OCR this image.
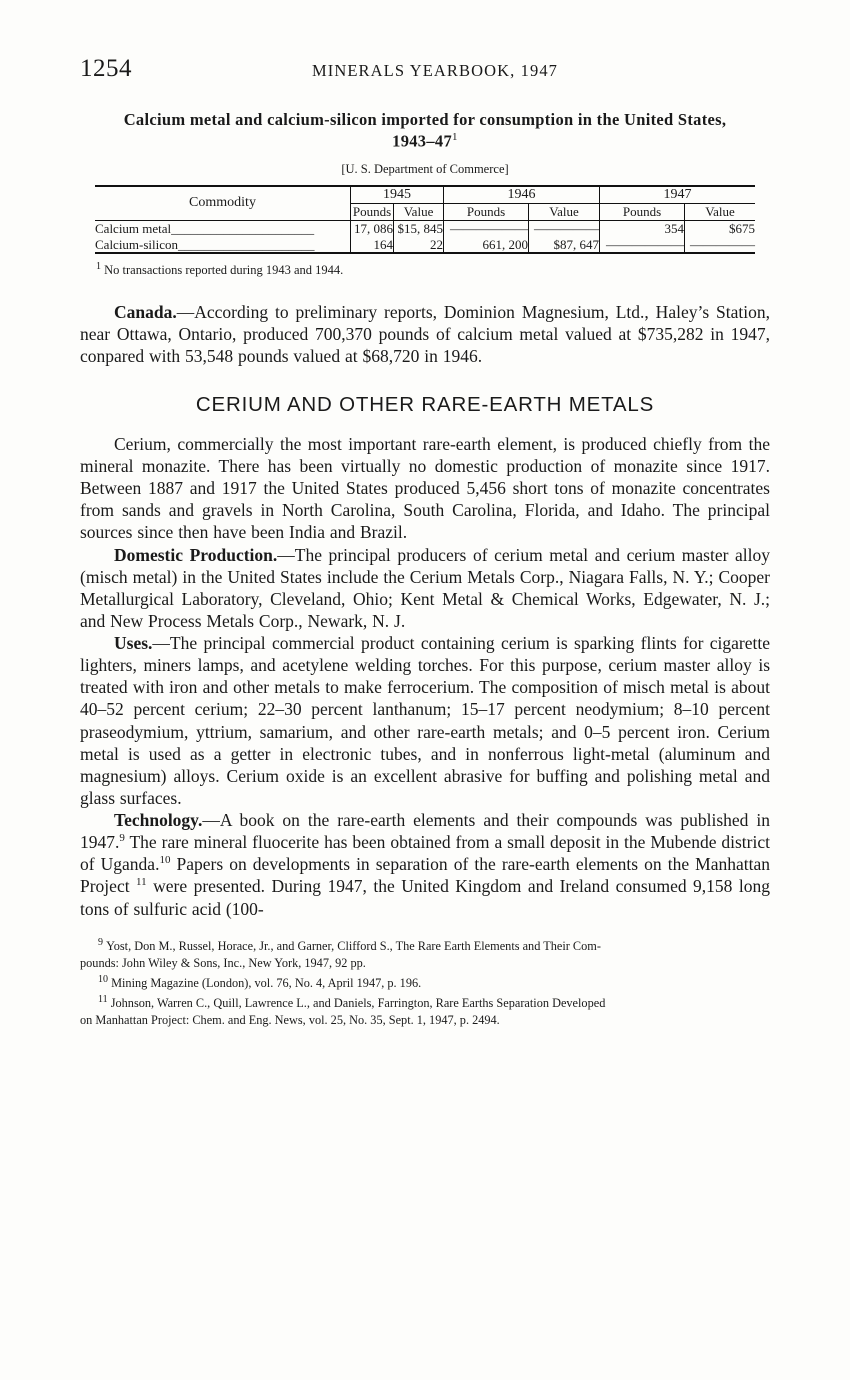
1254	MINERALS YEARBOOK, 1947
Calcium metal and calcium-silicon imported for consumption in the United States, $1943-47^1$
[U. S. Department of Commerce]
Commodity	1945		1946		1947	
	Pounds	Value	Pounds	Value	Pounds	Value
Calcium metal______________________	17, 086	$15, 845	——————	—————	354	$675
Calcium-silicon_____________________	164	22	661, 200	$87, 647	——————	—————
$^1$ No transactions reported during 1943 and 1944.

Canada.—According to preliminary reports, Dominion Magnesium, Ltd., Haley’s Station, near Ottawa, Ontario, produced 700,370 pounds of calcium metal valued at $735,282 in 1947, conpared with 53,548 pounds valued at $68,720 in 1946.

CERIUM AND OTHER RARE-EARTH METALS

Cerium, commercially the most important rare-earth element, is produced chiefly from the mineral monazite. There has been virtually no domestic production of monazite since 1917. Between 1887 and 1917 the United States produced 5,456 short tons of monazite concentrates from sands and gravels in North Carolina, South Carolina, Florida, and Idaho. The principal sources since then have been India and Brazil.

Domestic Production.—The principal producers of cerium metal and cerium master alloy (misch metal) in the United States include the Cerium Metals Corp., Niagara Falls, N. Y.; Cooper Metallurgical Laboratory, Cleveland, Ohio; Kent Metal & Chemical Works, Edgewater, N. J.; and New Process Metals Corp., Newark, N. J.

Uses.—The principal commercial product containing cerium is sparking flints for cigarette lighters, miners lamps, and acetylene welding torches. For this purpose, cerium master alloy is treated with iron and other metals to make ferrocerium. The composition of misch metal is about 40–52 percent cerium; 22–30 percent lanthanum; 15–17 percent neodymium; 8–10 percent praseodymium, yttrium, samarium, and other rare-earth metals; and 0–5 percent iron. Cerium metal is used as a getter in electronic tubes, and in nonferrous light-metal (aluminum and magnesium) alloys. Cerium oxide is an excellent abrasive for buffing and polishing metal and glass surfaces.

Technology.—A book on the rare-earth elements and their compounds was published in 1947.$^9$ The rare mineral fluocerite has been obtained from a small deposit in the Mubende district of Uganda.$^{10}$ Papers on developments in separation of the rare-earth elements on the Manhattan Project $^{11}$ were presented. During 1947, the United Kingdom and Ireland consumed 9,158 long tons of sulfuric acid (100-

$^9$ Yost, Don M., Russel, Horace, Jr., and Garner, Clifford S., The Rare Earth Elements and Their Com-

pounds: John Wiley & Sons, Inc., New York, 1947, 92 pp.

$^{10}$ Mining Magazine (London), vol. 76, No. 4, April 1947, p. 196.

$^{11}$ Johnson, Warren C., Quill, Lawrence L., and Daniels, Farrington, Rare Earths Separation Developed

on Manhattan Project: Chem. and Eng. News, vol. 25, No. 35, Sept. 1, 1947, p. 2494.
